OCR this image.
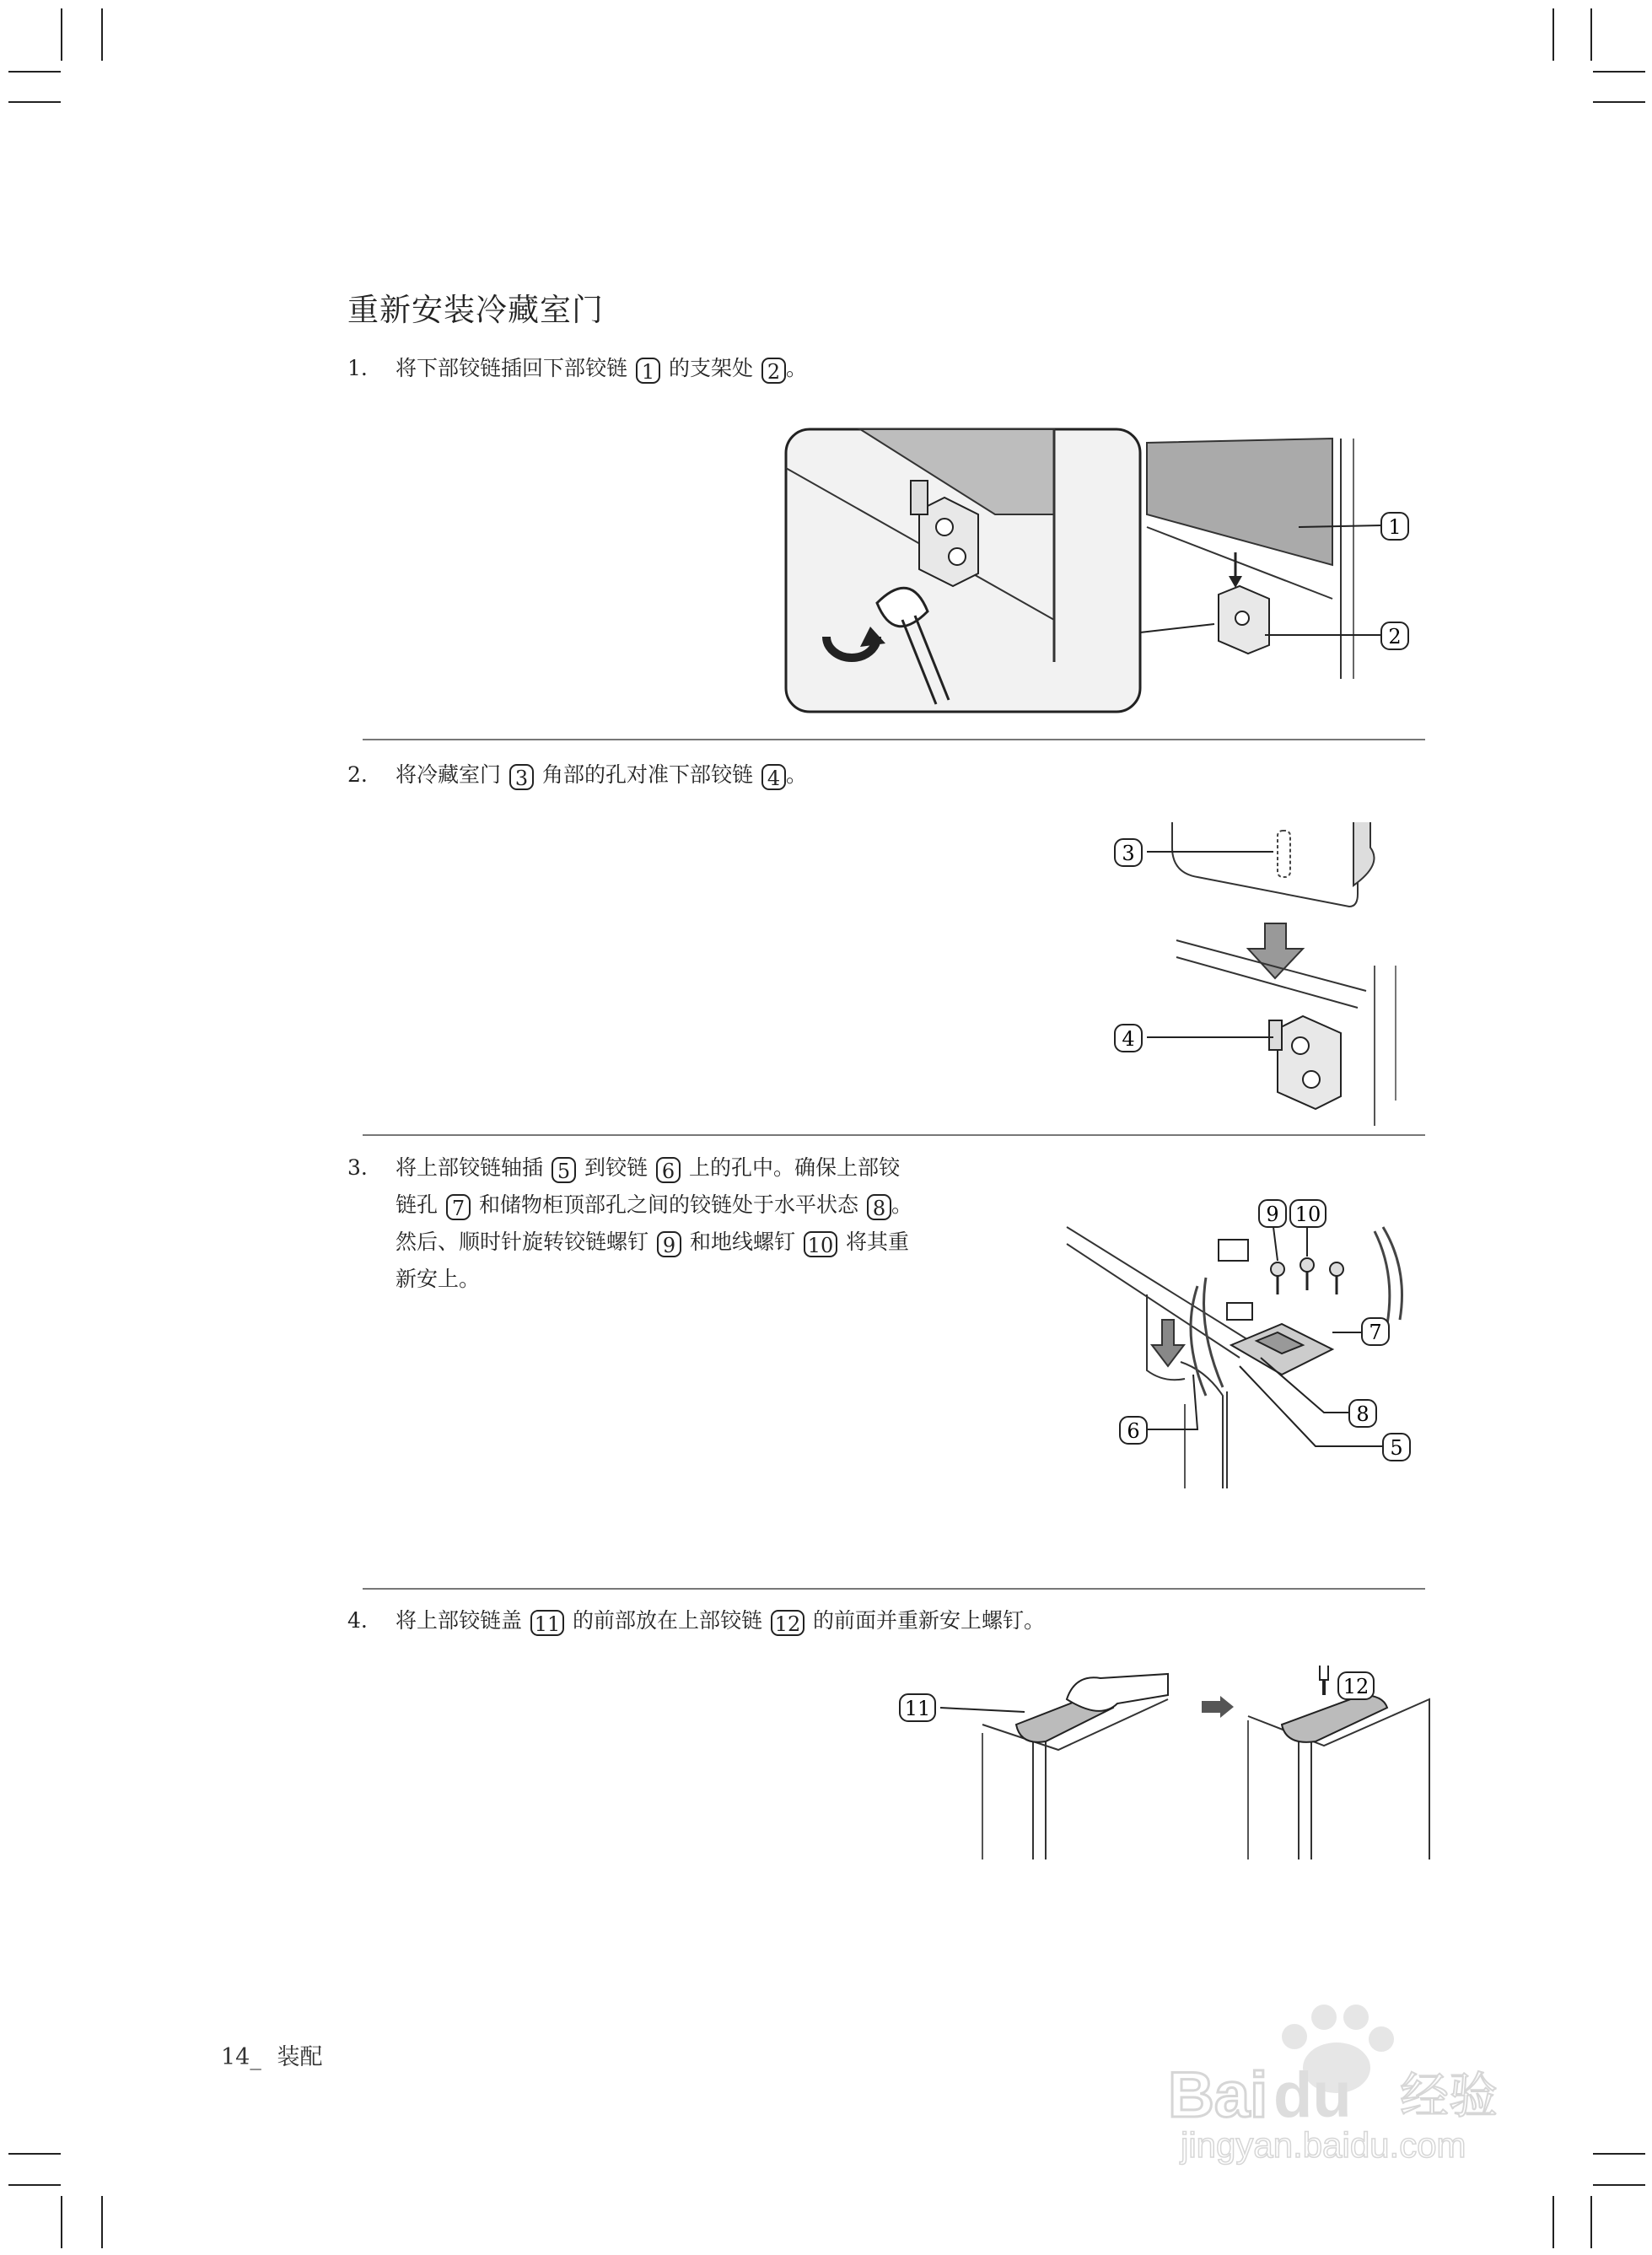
重新安装冷藏室门
1. 将下部铰链插回下部铰链 1 的支架处 2 。
1
2
2. 将冷藏室门 3 角部的孔对准下部铰链 4 。
3
4
3. 将上部铰链轴插 5 到铰链 6 上的孔中。确保上部铰
链孔 7 和储物柜顶部孔之间的铰链处于水平状态 8 。
然后、顺时针旋转铰链螺钉 9 和地线螺钉 10 将其重
新安上。
9 10
7
8
5
6
4. 将上部铰链盖 11 的前部放在上部铰链 12 的前面并重新安上螺钉。
11
12
14_ 装配
Bai du 经验
jingyan.baidu.com
